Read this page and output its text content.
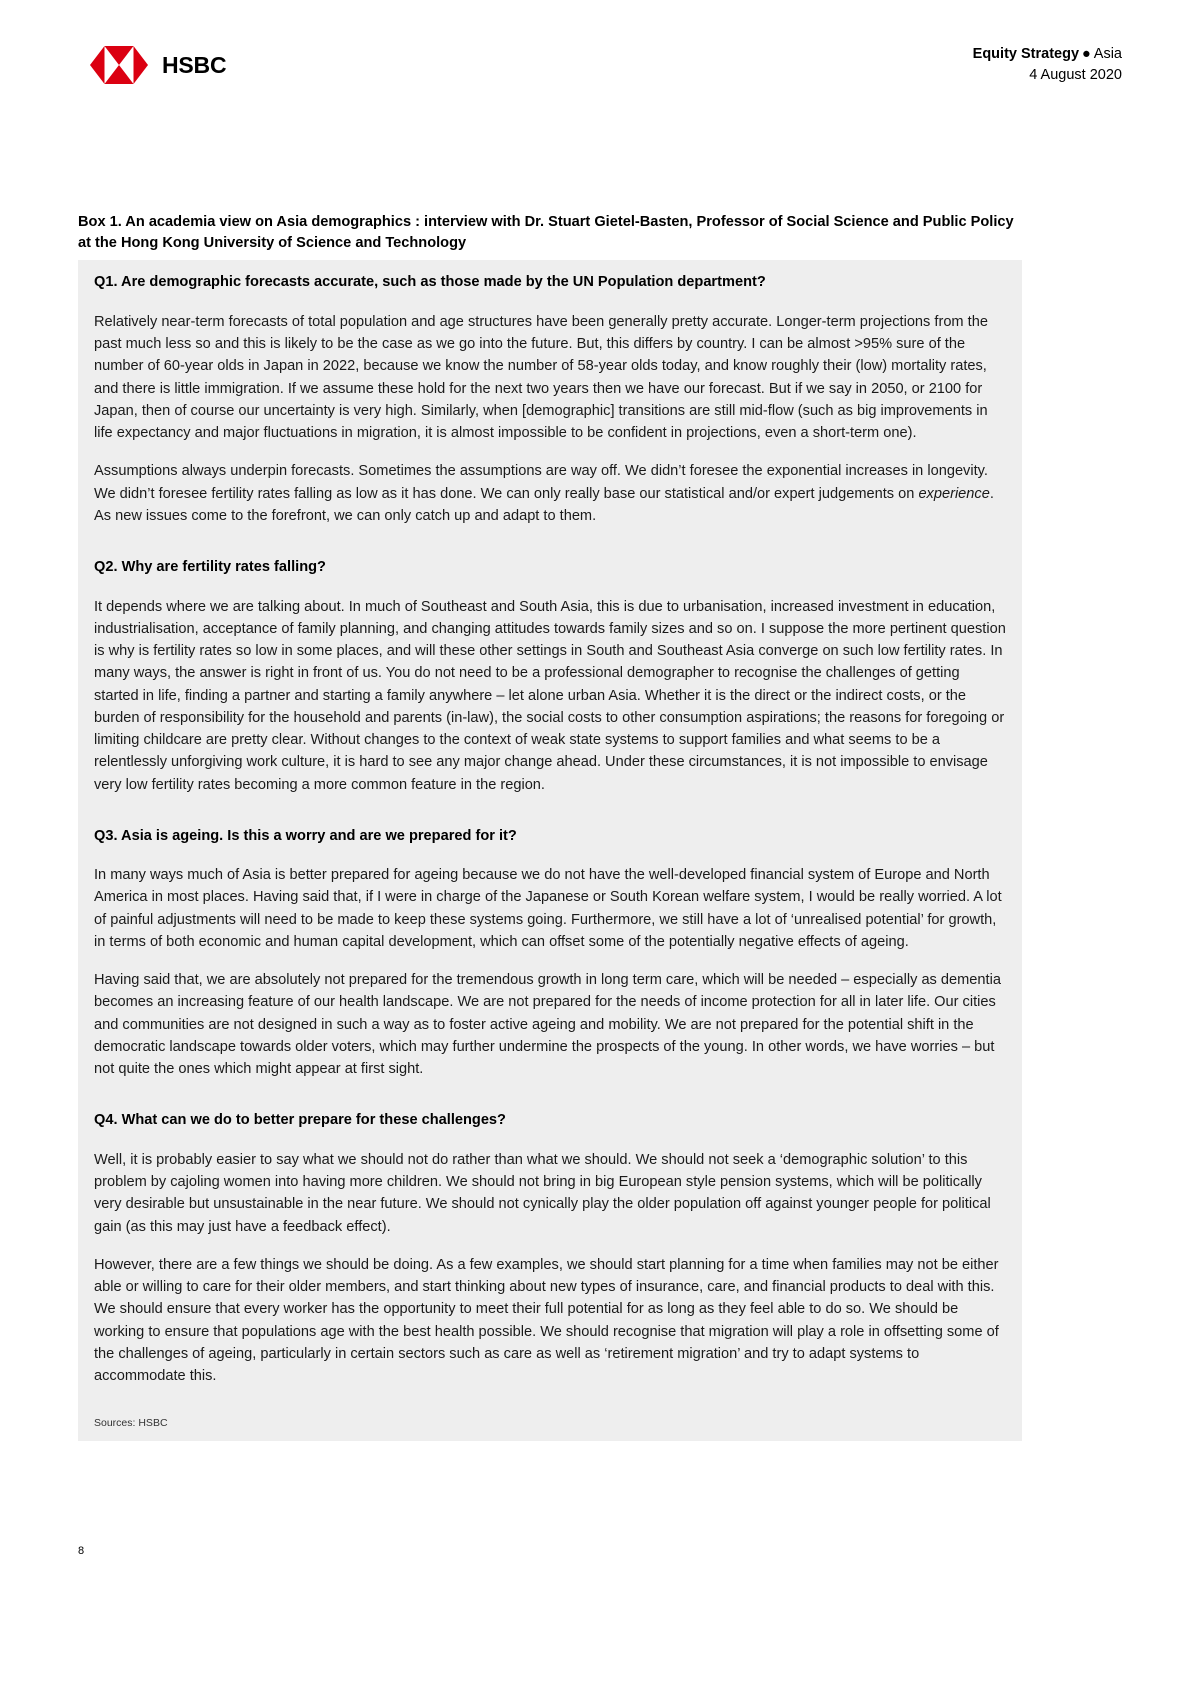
HSBC	Equity Strategy ● Asia
4 August 2020
Box 1. An academia view on Asia demographics : interview with Dr. Stuart Gietel-Basten, Professor of Social Science and Public Policy at the Hong Kong University of Science and Technology
Q1. Are demographic forecasts accurate, such as those made by the UN Population department?

Relatively near-term forecasts of total population and age structures have been generally pretty accurate. Longer-term projections from the past much less so and this is likely to be the case as we go into the future. But, this differs by country. I can be almost >95% sure of the number of 60-year olds in Japan in 2022, because we know the number of 58-year olds today, and know roughly their (low) mortality rates, and there is little immigration. If we assume these hold for the next two years then we have our forecast. But if we say in 2050, or 2100 for Japan, then of course our uncertainty is very high. Similarly, when [demographic] transitions are still mid-flow (such as big improvements in life expectancy and major fluctuations in migration, it is almost impossible to be confident in projections, even a short-term one).

Assumptions always underpin forecasts. Sometimes the assumptions are way off. We didn’t foresee the exponential increases in longevity. We didn’t foresee fertility rates falling as low as it has done. We can only really base our statistical and/or expert judgements on experience. As new issues come to the forefront, we can only catch up and adapt to them.

Q2. Why are fertility rates falling?

It depends where we are talking about. In much of Southeast and South Asia, this is due to urbanisation, increased investment in education, industrialisation, acceptance of family planning, and changing attitudes towards family sizes and so on. I suppose the more pertinent question is why is fertility rates so low in some places, and will these other settings in South and Southeast Asia converge on such low fertility rates. In many ways, the answer is right in front of us. You do not need to be a professional demographer to recognise the challenges of getting started in life, finding a partner and starting a family anywhere – let alone urban Asia. Whether it is the direct or the indirect costs, or the burden of responsibility for the household and parents (in-law), the social costs to other consumption aspirations; the reasons for foregoing or limiting childcare are pretty clear. Without changes to the context of weak state systems to support families and what seems to be a relentlessly unforgiving work culture, it is hard to see any major change ahead. Under these circumstances, it is not impossible to envisage very low fertility rates becoming a more common feature in the region.

Q3. Asia is ageing. Is this a worry and are we prepared for it?

In many ways much of Asia is better prepared for ageing because we do not have the well-developed financial system of Europe and North America in most places. Having said that, if I were in charge of the Japanese or South Korean welfare system, I would be really worried. A lot of painful adjustments will need to be made to keep these systems going. Furthermore, we still have a lot of ‘unrealised potential’ for growth, in terms of both economic and human capital development, which can offset some of the potentially negative effects of ageing.

Having said that, we are absolutely not prepared for the tremendous growth in long term care, which will be needed – especially as dementia becomes an increasing feature of our health landscape. We are not prepared for the needs of income protection for all in later life. Our cities and communities are not designed in such a way as to foster active ageing and mobility. We are not prepared for the potential shift in the democratic landscape towards older voters, which may further undermine the prospects of the young. In other words, we have worries – but not quite the ones which might appear at first sight.

Q4. What can we do to better prepare for these challenges?

Well, it is probably easier to say what we should not do rather than what we should. We should not seek a ‘demographic solution’ to this problem by cajoling women into having more children. We should not bring in big European style pension systems, which will be politically very desirable but unsustainable in the near future. We should not cynically play the older population off against younger people for political gain (as this may just have a feedback effect).

However, there are a few things we should be doing. As a few examples, we should start planning for a time when families may not be either able or willing to care for their older members, and start thinking about new types of insurance, care, and financial products to deal with this. We should ensure that every worker has the opportunity to meet their full potential for as long as they feel able to do so. We should be working to ensure that populations age with the best health possible. We should recognise that migration will play a role in offsetting some of the challenges of ageing, particularly in certain sectors such as care as well as ‘retirement migration’ and try to adapt systems to accommodate this.

Sources: HSBC
8
